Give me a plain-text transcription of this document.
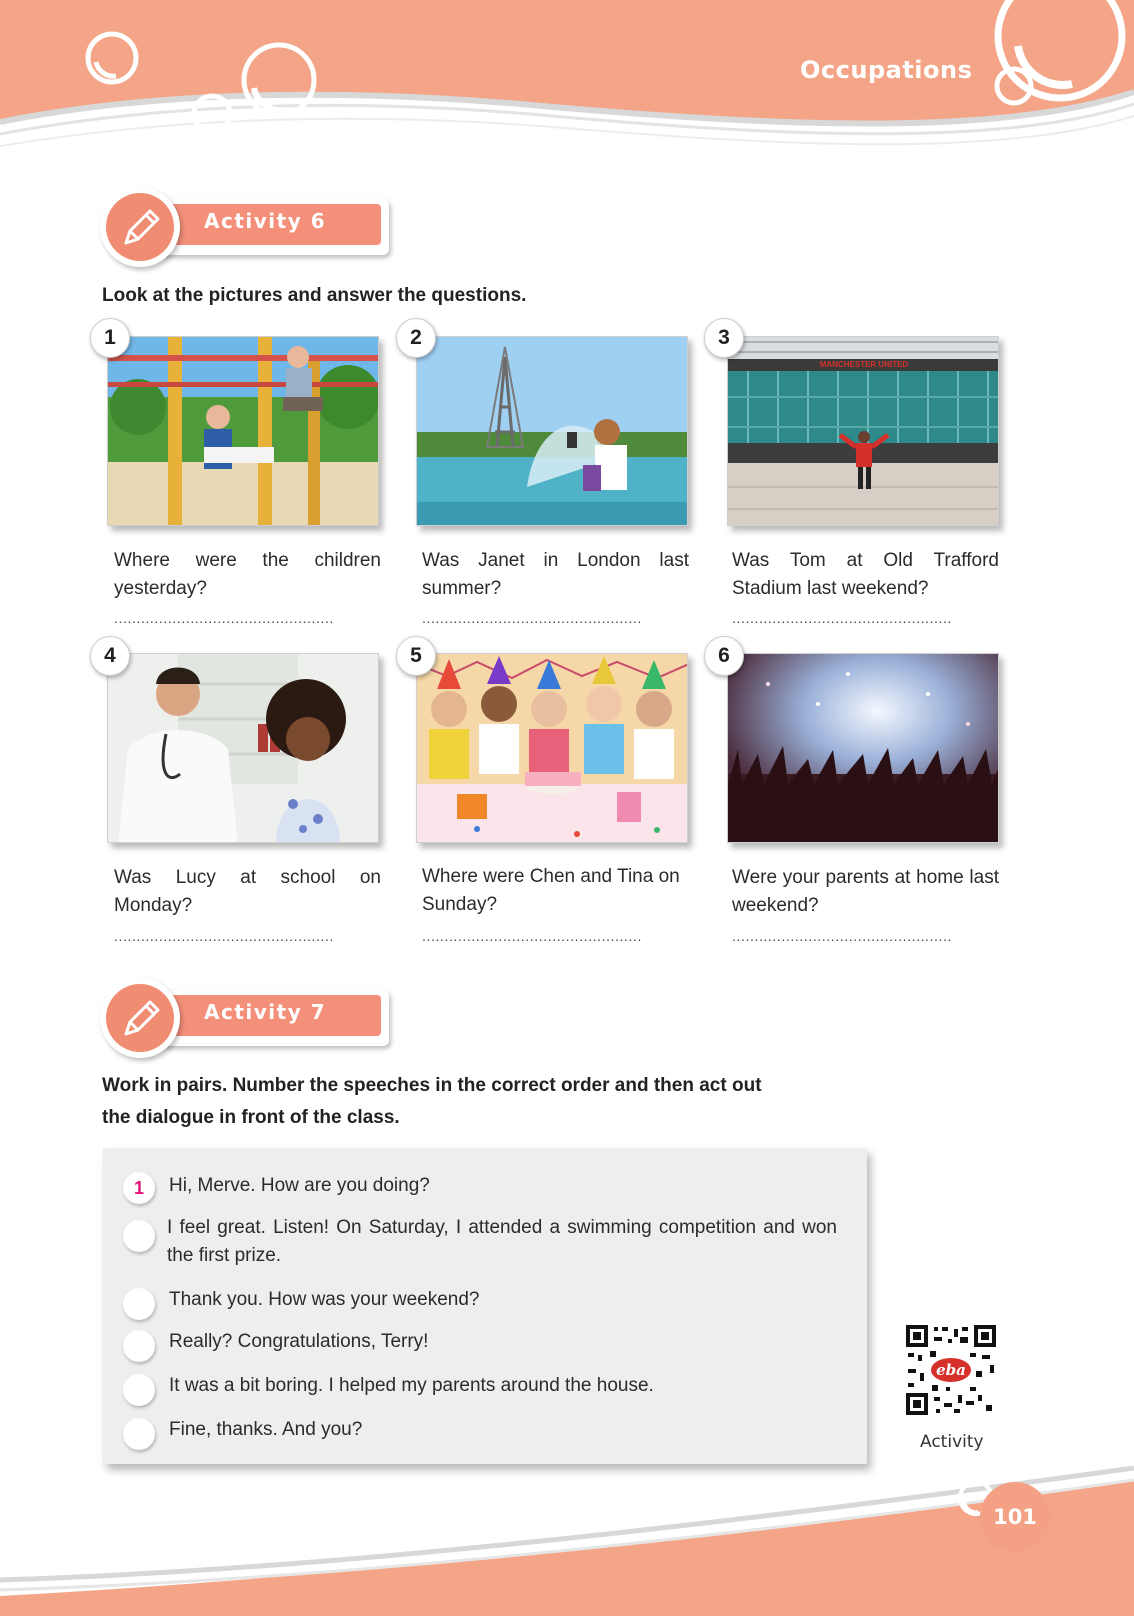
Occupations
Activity 6
Look at the pictures and answer the questions.
1
Where were the children yesterday?
.................................................
2
Was Janet in London last summer?
.................................................
MANCHESTER UNITED
3
Was Tom at Old Trafford Stadium last weekend?
.................................................
4
Was Lucy at school on Monday?
.................................................
5
Where were Chen and Tina on Sunday?
.................................................
6
Were your parents at home last weekend?
.................................................
Activity 7
Work in pairs. Number the speeches in the correct order and then act out
the dialogue in front of the class.
1	Hi, Merve. How are you doing?
I feel great. Listen! On Saturday, I attended a swimming competition and won the first prize.
Thank you. How was your weekend?
Really? Congratulations, Terry!
It was a bit boring. I helped my parents around the house.
Fine, thanks. And you?
eba
Activity
101
